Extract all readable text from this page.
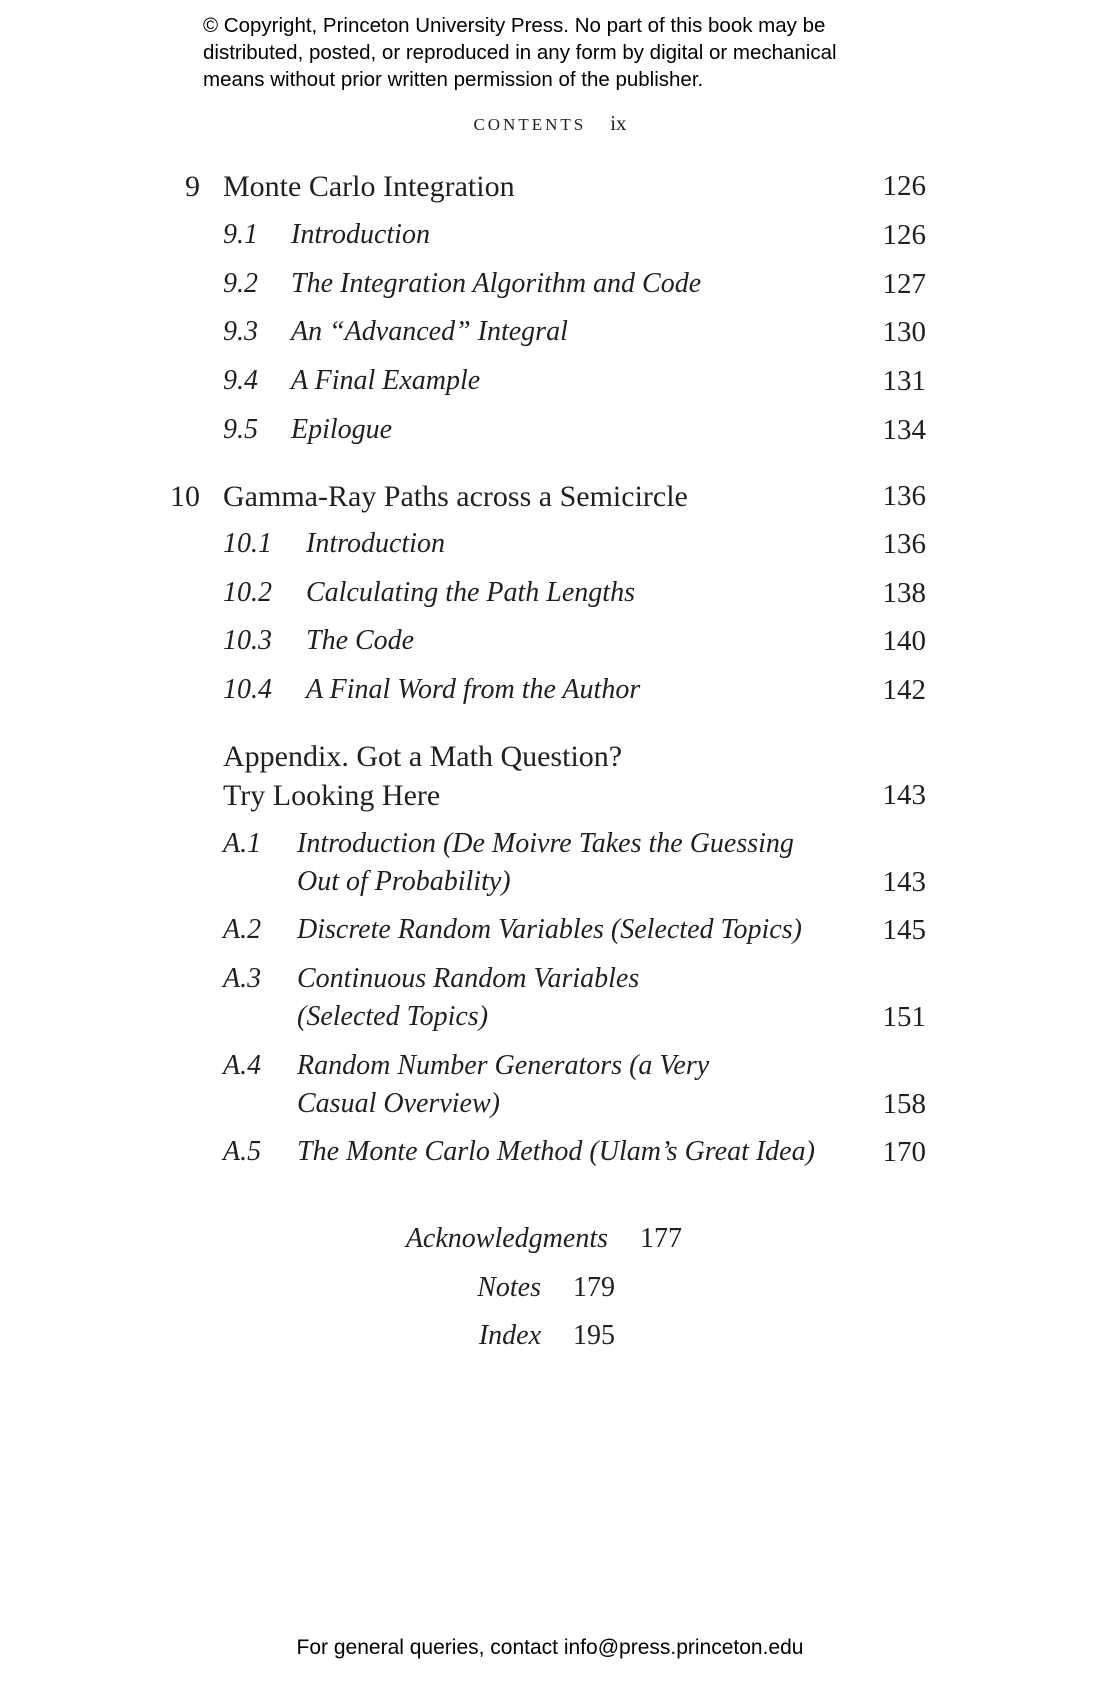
© Copyright, Princeton University Press. No part of this book may be
distributed, posted, or reproduced in any form by digital or mechanical
means without prior written permission of the publisher.
CONTENTS ix
9 Monte Carlo Integration	126
9.1 Introduction	126
9.2 The Integration Algorithm and Code	127
9.3 An “Advanced” Integral	130
9.4 A Final Example	131
9.5 Epilogue	134
10 Gamma-Ray Paths across a Semicircle	136
10.1 Introduction	136
10.2 Calculating the Path Lengths	138
10.3 The Code	140
10.4 A Final Word from the Author	142
Appendix. Got a Math Question?
Try Looking Here	143
A.1 Introduction (De Moivre Takes the Guessing
Out of Probability)	143
A.2 Discrete Random Variables (Selected Topics)	145
A.3 Continuous Random Variables
(Selected Topics)	151
A.4 Random Number Generators (a Very
Casual Overview)	158
A.5 The Monte Carlo Method (Ulam’s Great Idea)	170
Acknowledgments 177
Notes 179
Index 195
For general queries, contact info@press.princeton.edu
